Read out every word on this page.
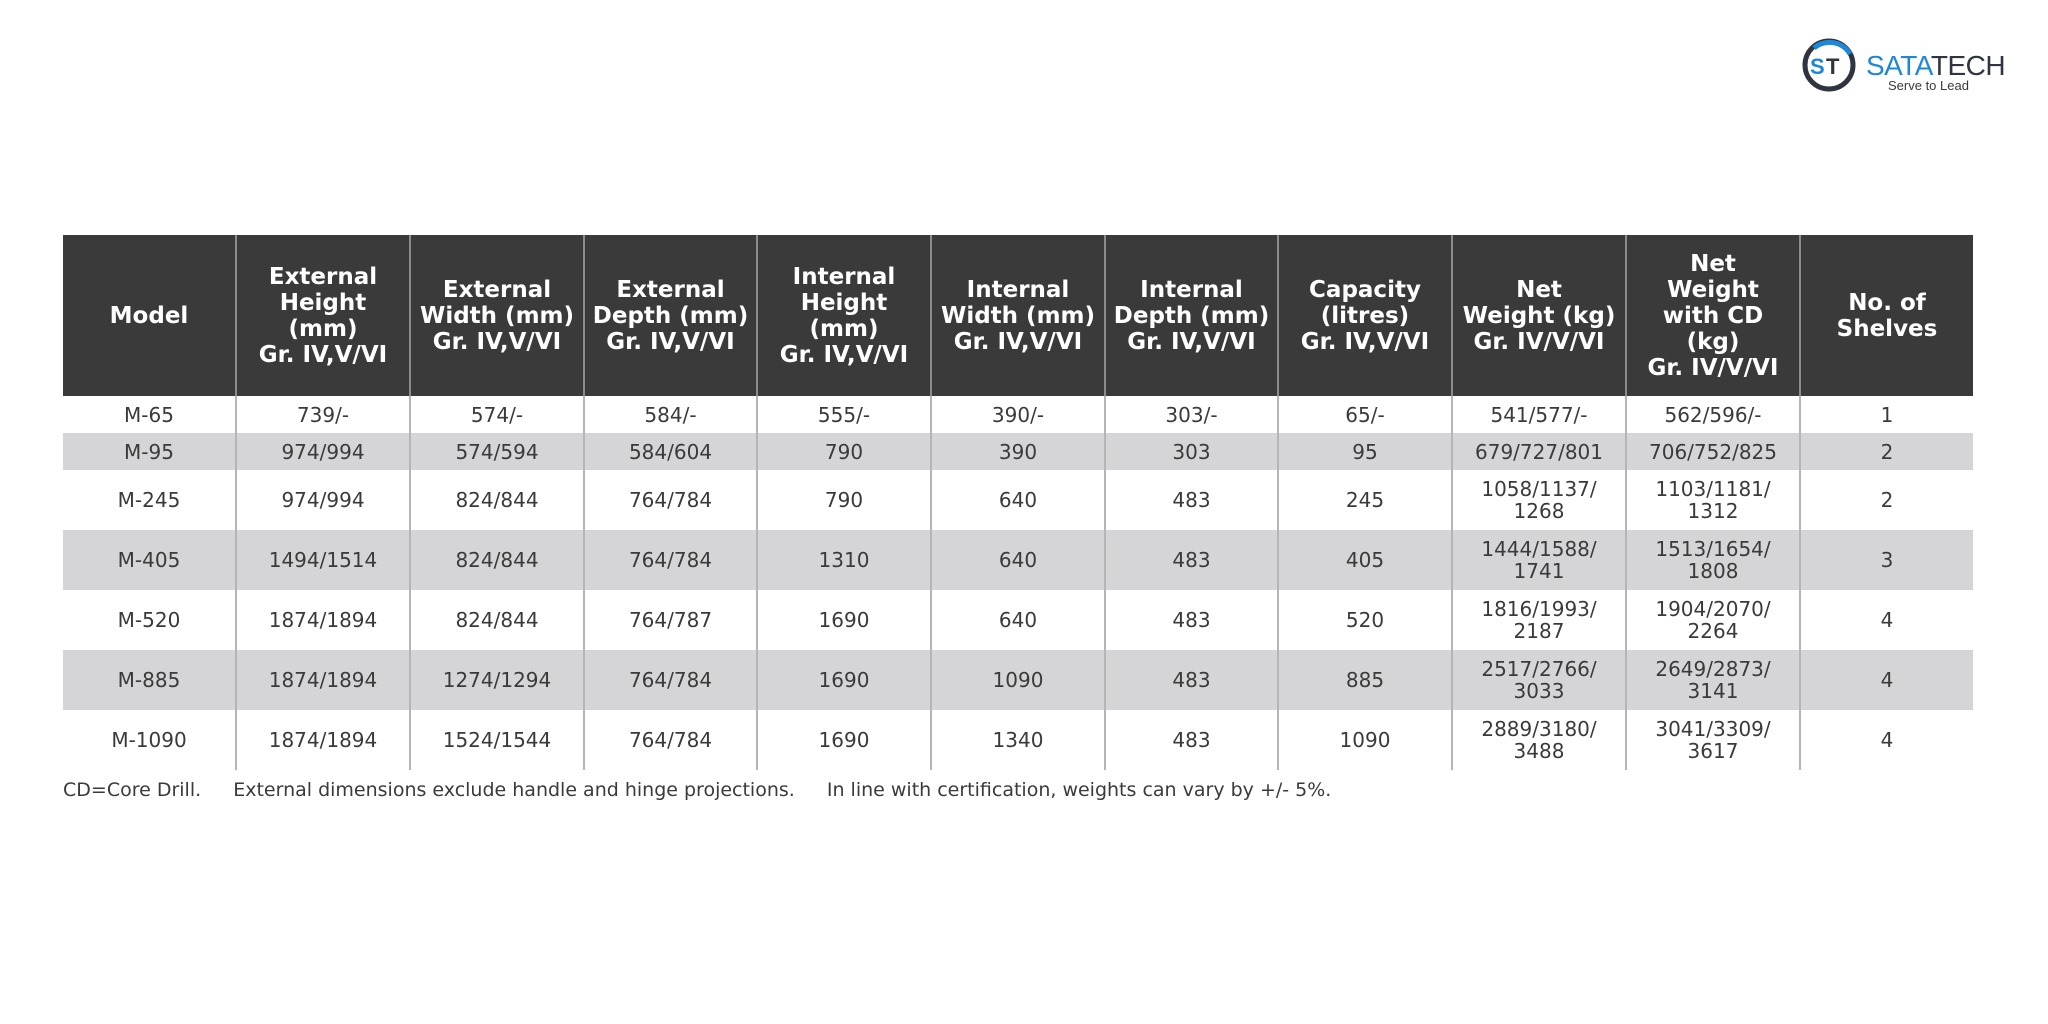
S T SATATECH
Serve to Lead
Model	External
Height
(mm)
Gr. IV,V/VI	External
Width (mm)
Gr. IV,V/VI	External
Depth (mm)
Gr. IV,V/VI	Internal
Height
(mm)
Gr. IV,V/VI	Internal
Width (mm)
Gr. IV,V/VI	Internal
Depth (mm)
Gr. IV,V/VI	Capacity
(litres)
Gr. IV,V/VI	Net
Weight (kg)
Gr. IV/V/VI	Net
Weight
with CD
(kg)
Gr. IV/V/VI	No. of
Shelves
M-65	739/-	574/-	584/-	555/-	390/-	303/-	65/-	541/577/-	562/596/-	1
M-95	974/994	574/594	584/604	790	390	303	95	679/727/801	706/752/825	2
M-245	974/994	824/844	764/784	790	640	483	245	1058/1137/
1268	1103/1181/
1312	2
M-405	1494/1514	824/844	764/784	1310	640	483	405	1444/1588/
1741	1513/1654/
1808	3
M-520	1874/1894	824/844	764/787	1690	640	483	520	1816/1993/
2187	1904/2070/
2264	4
M-885	1874/1894	1274/1294	764/784	1690	1090	483	885	2517/2766/
3033	2649/2873/
3141	4
M-1090	1874/1894	1524/1544	764/784	1690	1340	483	1090	2889/3180/
3488	3041/3309/
3617	4
CD=Core Drill. External dimensions exclude handle and hinge projections. In line with certification, weights can vary by +/- 5%.
